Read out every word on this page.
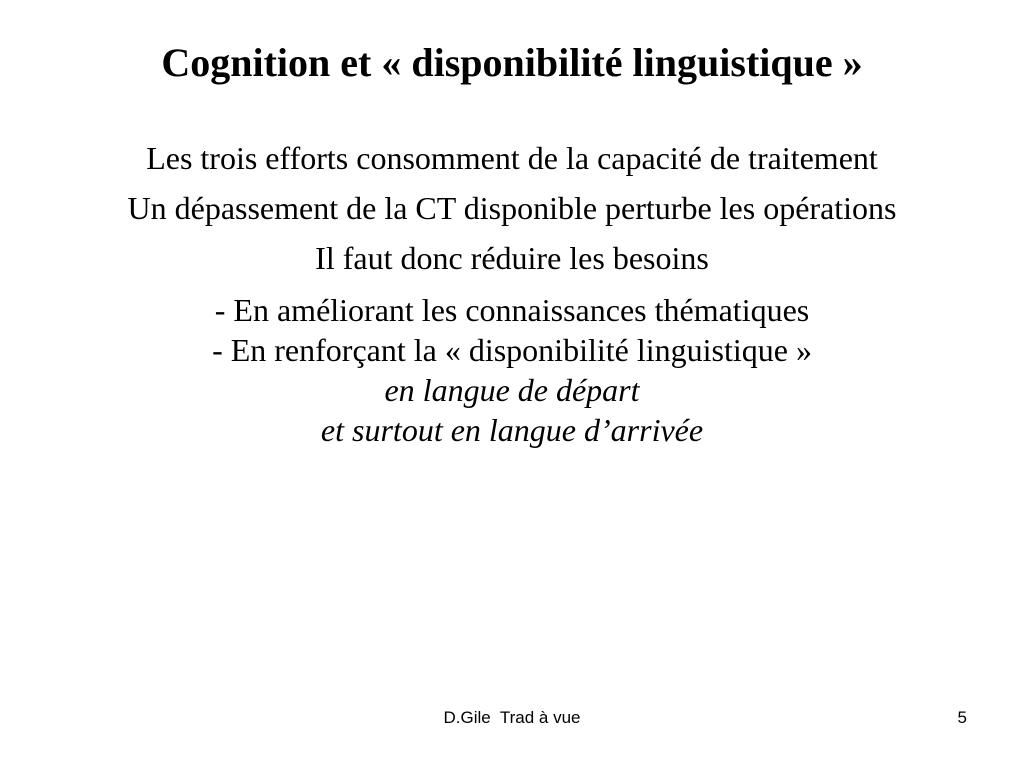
Cognition et « disponibilité linguistique »

Les trois efforts consomment de la capacité de traitement

Un dépassement de la CT disponible perturbe les opérations

Il faut donc réduire les besoins

- En améliorant les connaissances thématiques
- En renforçant la « disponibilité linguistique »
en langue de départ
et surtout en langue d’arrivée
D.Gile  Trad à vue	5
